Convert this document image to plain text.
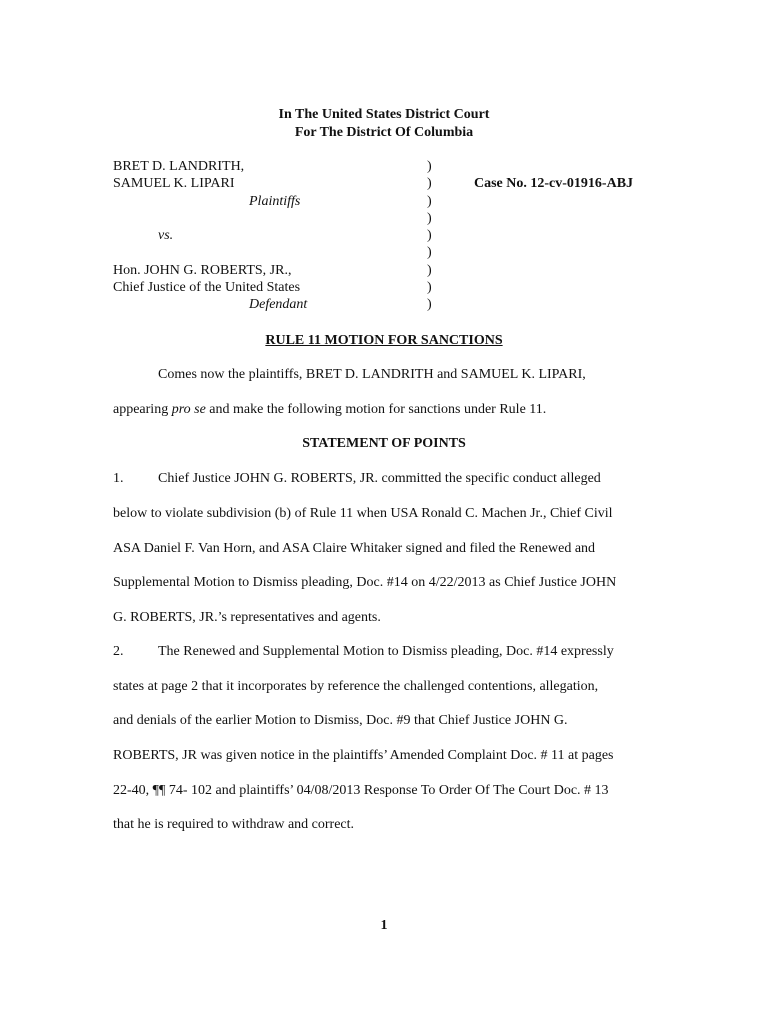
In The United States District Court
For The District Of Columbia
BRET D. LANDRITH,
SAMUEL K. LIPARI
Plaintiffs
vs.
Hon. JOHN G. ROBERTS, JR.,
Chief Justice of the United States
Defendant
)
)
)
)
)
)
)
)
)
Case No. 12-cv-01916-ABJ
RULE 11 MOTION FOR SANCTIONS
Comes now the plaintiffs, BRET D. LANDRITH and SAMUEL K. LIPARI,
appearing pro se and make the following motion for sanctions under Rule 11.
STATEMENT OF POINTS
1. Chief Justice JOHN G. ROBERTS, JR. committed the specific conduct alleged
below to violate subdivision (b) of Rule 11 when USA Ronald C. Machen Jr., Chief Civil
ASA Daniel F. Van Horn, and ASA Claire Whitaker signed and filed the Renewed and
Supplemental Motion to Dismiss pleading, Doc. #14 on 4/22/2013 as Chief Justice JOHN
G. ROBERTS, JR.’s representatives and agents.
2. The Renewed and Supplemental Motion to Dismiss pleading, Doc. #14 expressly
states at page 2 that it incorporates by reference the challenged contentions, allegation,
and denials of the earlier Motion to Dismiss, Doc. #9 that Chief Justice JOHN G.
ROBERTS, JR was given notice in the plaintiffs’ Amended Complaint Doc. # 11 at pages
22-40, ¶¶ 74- 102 and plaintiffs’ 04/08/2013 Response To Order Of The Court Doc. # 13
that he is required to withdraw and correct.
1
